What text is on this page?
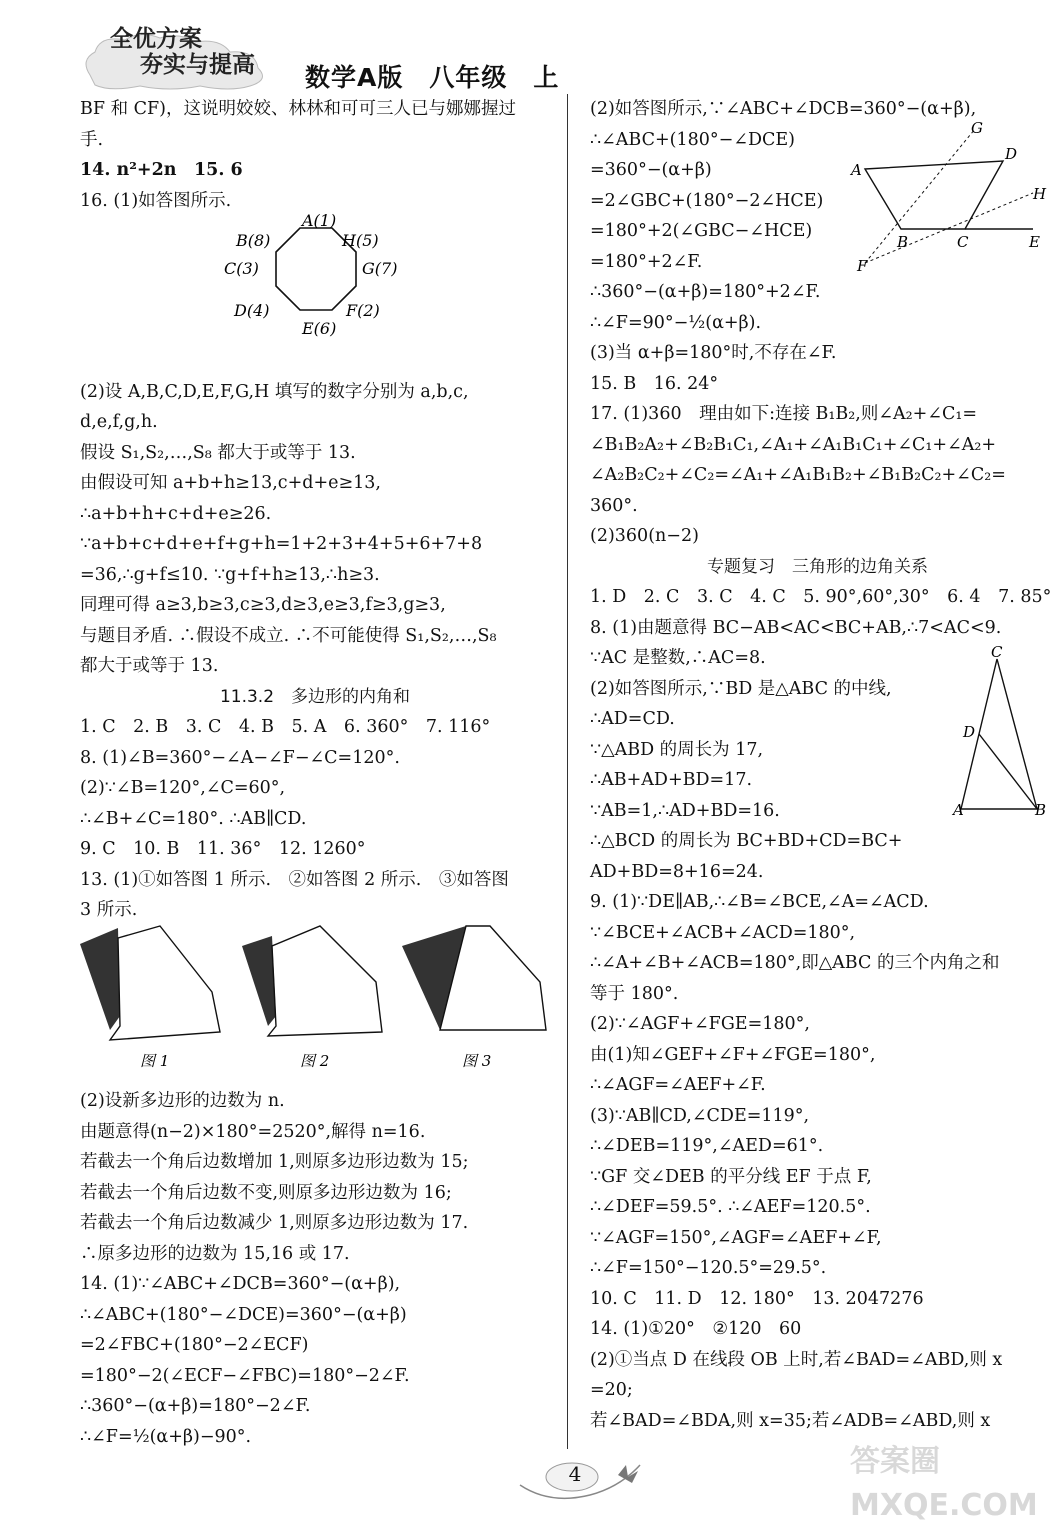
全优方案
夯实与提高 数学A版　八年级　上
BF 和 CF)，这说明姣姣、林林和可可三人已与娜娜握过
手.
14. n²+2n　15. 6
16. (1)如答图所示.
A(1)
H(5)
G(7)
F(2)
E(6)
D(4)
C(3)
B(8)
(2)设 A,B,C,D,E,F,G,H 填写的数字分别为 a,b,c,
d,e,f,g,h.
假设 S₁,S₂,…,S₈ 都大于或等于 13.
由假设可知 a+b+h≥13,c+d+e≥13,
∴a+b+h+c+d+e≥26.
∵a+b+c+d+e+f+g+h=1+2+3+4+5+6+7+8
=36,∴g+f≤10. ∵g+f+h≥13,∴h≥3.
同理可得 a≥3,b≥3,c≥3,d≥3,e≥3,f≥3,g≥3,
与题目矛盾. ∴假设不成立. ∴不可能使得 S₁,S₂,…,S₈
都大于或等于 13.
11.3.2　多边形的内角和
1. C　2. B　3. C　4. B　5. A　6. 360°　7. 116°
8. (1)∠B=360°−∠A−∠F−∠C=120°.
(2)∵∠B=120°,∠C=60°,
∴∠B+∠C=180°. ∴AB∥CD.
9. C　10. B　11. 36°　12. 1260°
13. (1)①如答图 1 所示.　②如答图 2 所示.　③如答图
3 所示.
图 1	图 2	图 3
(2)设新多边形的边数为 n.
由题意得(n−2)×180°=2520°,解得 n=16.
若截去一个角后边数增加 1,则原多边形边数为 15;
若截去一个角后边数不变,则原多边形边数为 16;
若截去一个角后边数减少 1,则原多边形边数为 17.
∴原多边形的边数为 15,16 或 17.
14. (1)∵∠ABC+∠DCB=360°−(α+β),
∴∠ABC+(180°−∠DCE)=360°−(α+β)
=2∠FBC+(180°−2∠ECF)
=180°−2(∠ECF−∠FBC)=180°−2∠F.
∴360°−(α+β)=180°−2∠F.
∴∠F=½(α+β)−90°.
(2)如答图所示,∵∠ABC+∠DCB=360°−(α+β),
∴∠ABC+(180°−∠DCE)
=360°−(α+β)
=2∠GBC+(180°−2∠HCE)
=180°+2(∠GBC−∠HCE)
=180°+2∠F.
A
D
G
H
B	C	E
F
∴360°−(α+β)=180°+2∠F.
∴∠F=90°−½(α+β).
(3)当 α+β=180°时,不存在∠F.
15. B　16. 24°
17. (1)360　理由如下:连接 B₁B₂,则∠A₂+∠C₁=
∠B₁B₂A₂+∠B₂B₁C₁,∠A₁+∠A₁B₁C₁+∠C₁+∠A₂+
∠A₂B₂C₂+∠C₂=∠A₁+∠A₁B₁B₂+∠B₁B₂C₂+∠C₂=
360°.
(2)360(n−2)
专题复习　三角形的边角关系
1. D　2. C　3. C　4. C　5. 90°,60°,30°　6. 4　7. 85°
8. (1)由题意得 BC−AB<AC<BC+AB,∴7<AC<9.
∵AC 是整数,∴AC=8.
(2)如答图所示,∵BD 是△ABC 的中线,
∴AD=CD.
∵△ABD 的周长为 17,
∴AB+AD+BD=17.
∵AB=1,∴AD+BD=16.
∴△BCD 的周长为 BC+BD+CD=BC+
AD+BD=8+16=24.
C
D
A	B
9. (1)∵DE∥AB,∴∠B=∠BCE,∠A=∠ACD.
∵∠BCE+∠ACB+∠ACD=180°,
∴∠A+∠B+∠ACB=180°,即△ABC 的三个内角之和
等于 180°.
(2)∵∠AGF+∠FGE=180°,
由(1)知∠GEF+∠F+∠FGE=180°,
∴∠AGF=∠AEF+∠F.
(3)∵AB∥CD,∠CDE=119°,
∴∠DEB=119°,∠AED=61°.
∵GF 交∠DEB 的平分线 EF 于点 F,
∴∠DEF=59.5°. ∴∠AEF=120.5°.
∵∠AGF=150°,∠AGF=∠AEF+∠F,
∴∠F=150°−120.5°=29.5°.
10. C　11. D　12. 180°　13. 2047276
14. (1)①20°　②120　60
(2)①当点 D 在线段 OB 上时,若∠BAD=∠ABD,则 x
=20;
若∠BAD=∠BDA,则 x=35;若∠ADB=∠ABD,则 x
4	答案圈 MXQE.COM
